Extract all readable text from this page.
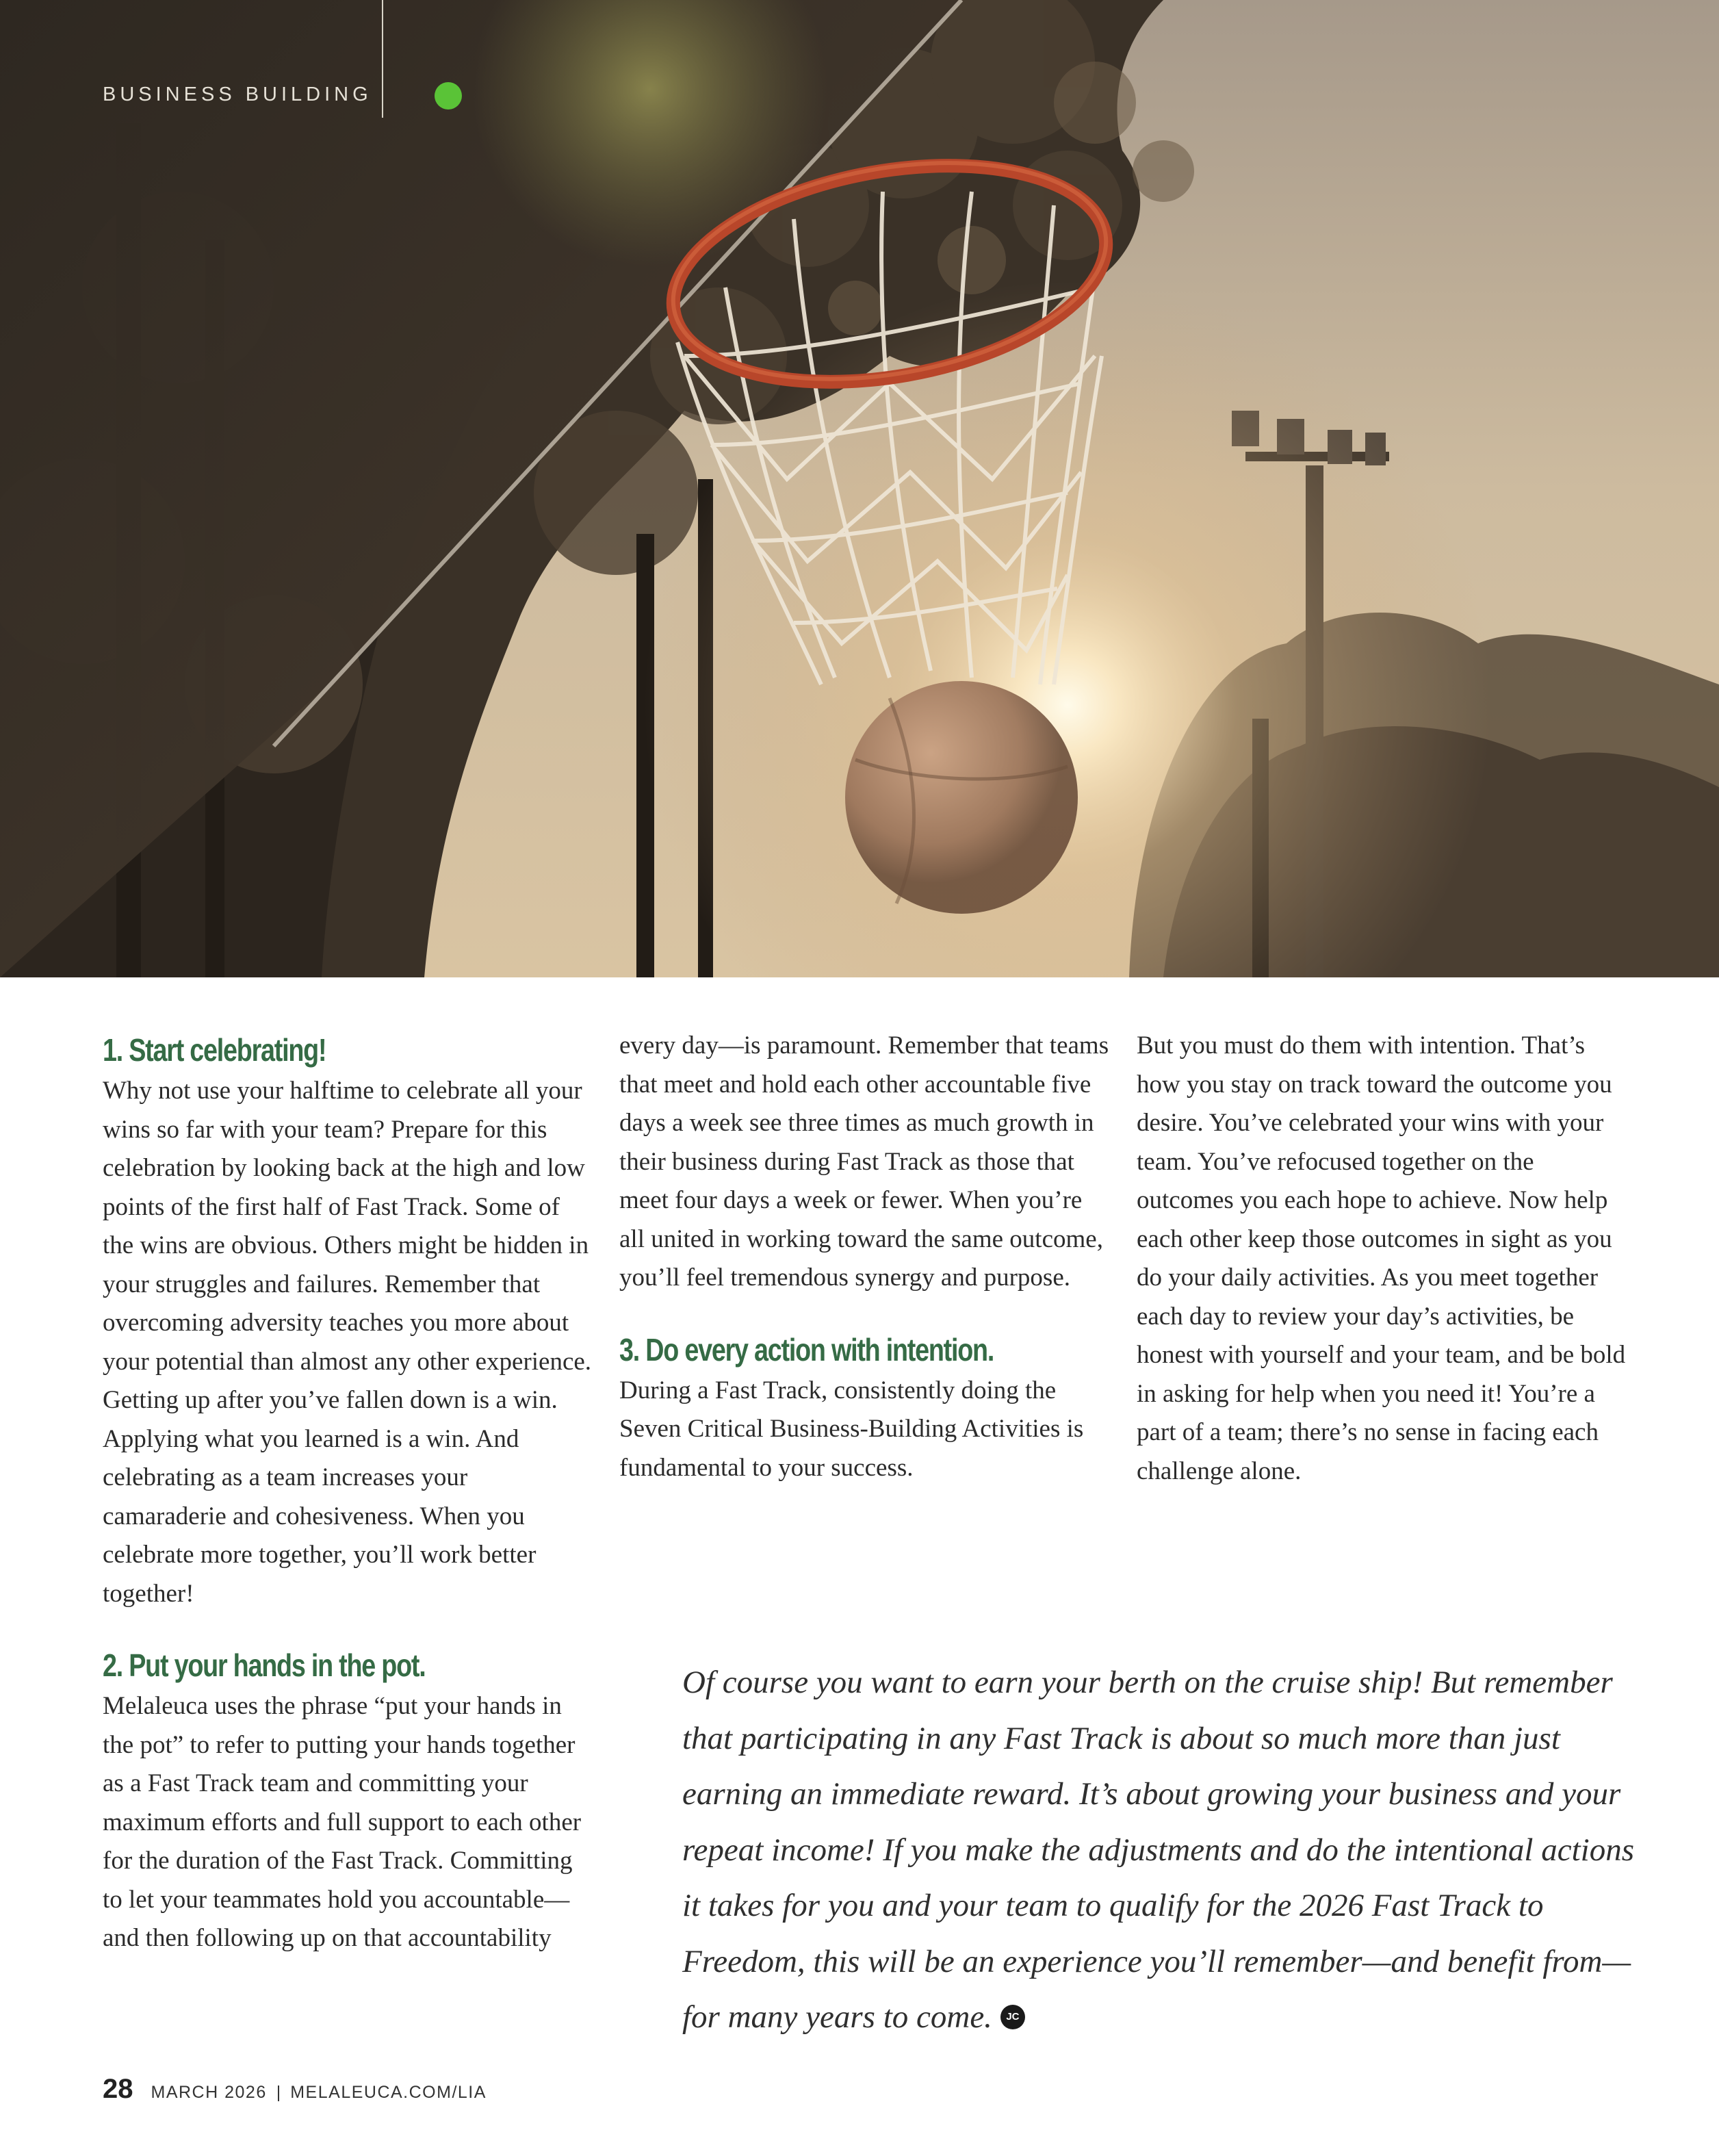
BUSINESS BUILDING
1. Start celebrating!

Why not use your halftime to celebrate all your wins so far with your team? Prepare for this celebration by looking back at the high and low points of the first half of Fast Track. Some of the wins are obvious. Others might be hidden in your struggles and failures. Remember that overcoming adversity teaches you more about your potential than almost any other experience. Getting up after you’ve fallen down is a win. Applying what you learned is a win. And celebrating as a team increases your camaraderie and cohesiveness. When you celebrate more together, you’ll work better together!

2. Put your hands in the pot.

Melaleuca uses the phrase “put your hands in the pot” to refer to putting your hands together as a Fast Track team and committing your maximum efforts and full support to each other for the duration of the Fast Track. Committing to let your teammates hold you accountable—and then following up on that accountability

every day—is paramount. Remember that teams that meet and hold each other accountable five days a week see three times as much growth in their business during Fast Track as those that meet four days a week or fewer. When you’re all united in working toward the same outcome, you’ll feel tremendous synergy and purpose.

3. Do every action with intention.

During a Fast Track, consistently doing the Seven Critical Business-Building Activities is fundamental to your success.

But you must do them with intention. That’s how you stay on track toward the outcome you desire. You’ve celebrated your wins with your team. You’ve refocused together on the outcomes you each hope to achieve. Now help each other keep those outcomes in sight as you do your daily activities. As you meet together each day to review your day’s activities, be honest with yourself and your team, and be bold in asking for help when you need it! You’re a part of a team; there’s no sense in facing each challenge alone.

Of course you want to earn your berth on the cruise ship! But remember that participating in any Fast Track is about so much more than just earning an immediate reward. It’s about growing your business and your repeat income! If you make the adjustments and do the intentional actions it takes for you and your team to qualify for the 2026 Fast Track to Freedom, this will be an experience you’ll remember—and benefit from—for many years to come. JC
28 MARCH 2026 | MELALEUCA.COM/LIA
